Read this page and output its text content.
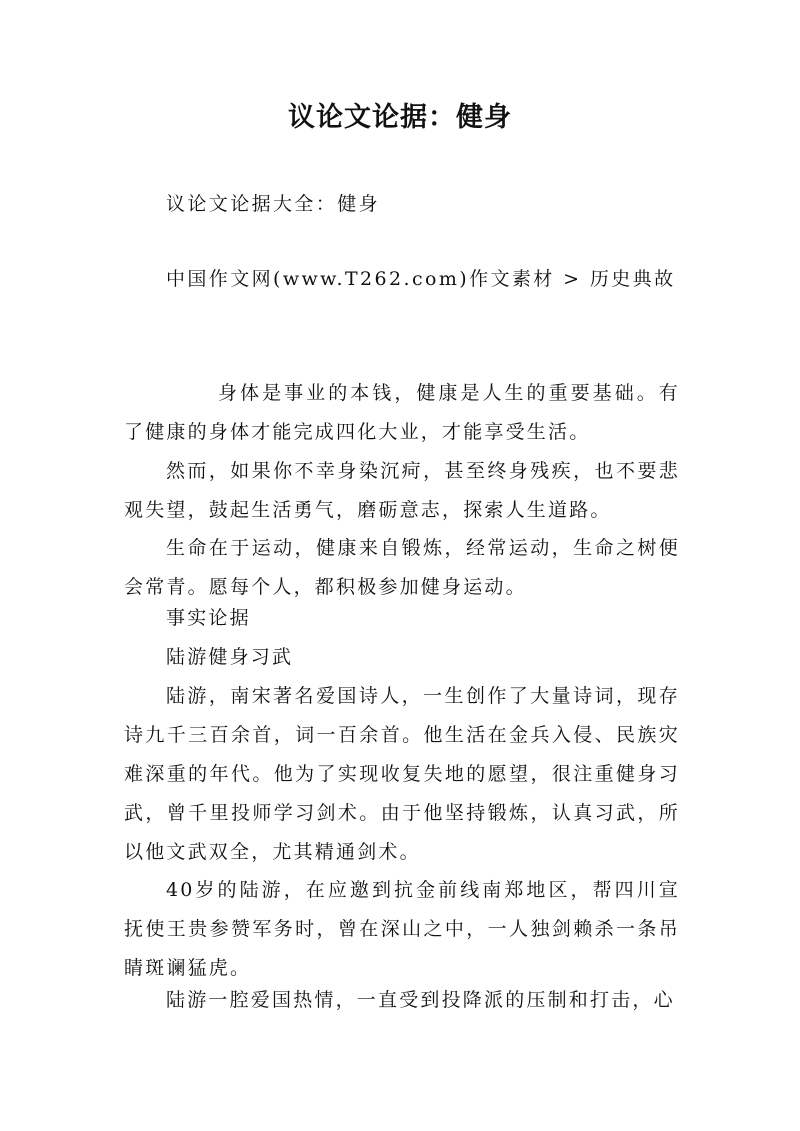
议论文论据：健身
议论文论据大全：健身
中国作文网(www.T262.com)作文素材 > 历史典故
身体是事业的本钱，健康是人生的重要基础。有了健康的身体才能完成四化大业，才能享受生活。
然而，如果你不幸身染沉疴，甚至终身残疾，也不要悲观失望，鼓起生活勇气，磨砺意志，探索人生道路。
生命在于运动，健康来自锻炼，经常运动，生命之树便会常青。愿每个人，都积极参加健身运动。
事实论据
陆游健身习武
陆游，南宋著名爱国诗人，一生创作了大量诗词，现存诗九千三百余首，词一百余首。他生活在金兵入侵、民族灾难深重的年代。他为了实现收复失地的愿望，很注重健身习武，曾千里投师学习剑术。由于他坚持锻炼，认真习武，所以他文武双全，尤其精通剑术。
40岁的陆游，在应邀到抗金前线南郑地区，帮四川宣抚使王贵参赞军务时，曾在深山之中，一人独剑赖杀一条吊睛斑谰猛虎。
陆游一腔爱国热情，一直受到投降派的压制和打击，心
